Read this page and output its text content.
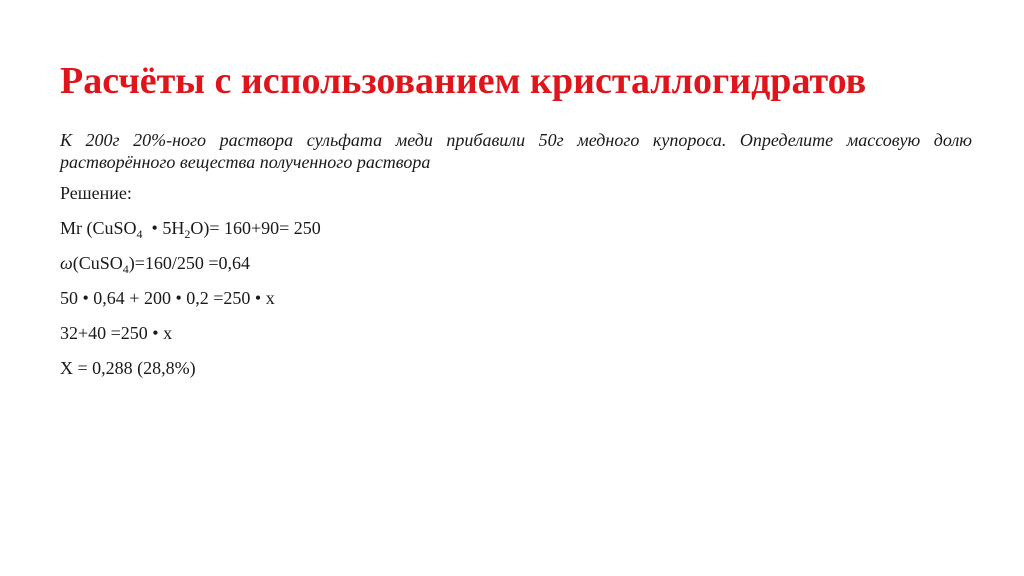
Расчёты с использованием кристаллогидратов

К 200г 20%-ного раствора сульфата меди прибавили 50г медного купороса. Определите массовую долю растворённого вещества полученного раствора

Решение:
Mr (CuSO$_4$  • $5H_2O)= 160+90= 250$
ω(CuSO$_4$)=160/250 =0,64
50 • 0,64 + 200 • 0,2 =250 • x
32+40 =250 • x
X = 0,288 (28,8%)
